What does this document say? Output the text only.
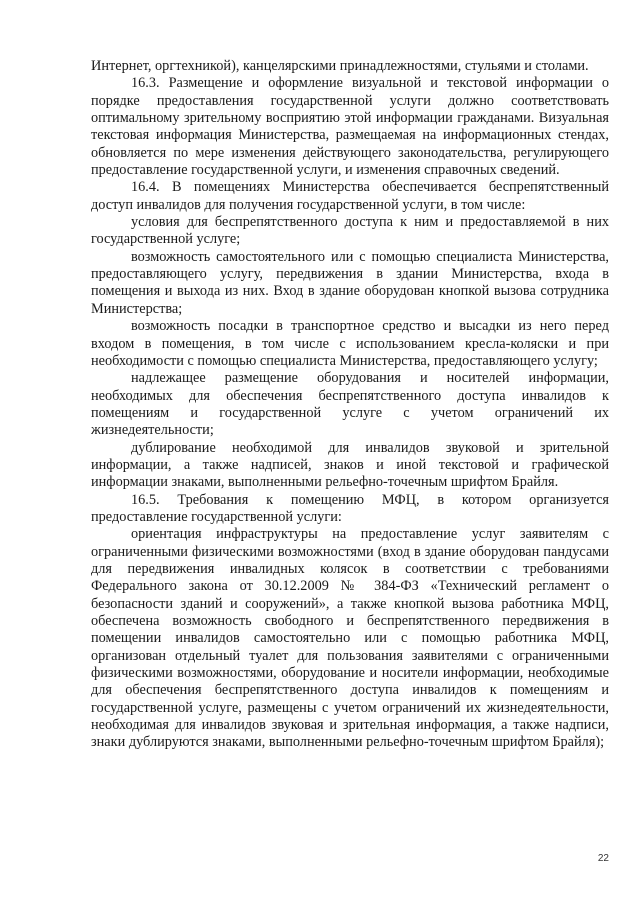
Интернет, оргтехникой), канцелярскими принадлежностями, стульями и столами.

16.3. Размещение и оформление визуальной и текстовой информации о порядке предоставления государственной услуги должно соответствовать оптимальному зрительному восприятию этой информации гражданами. Визуальная текстовая информация Министерства, размещаемая на информационных стендах, обновляется по мере изменения действующего законодательства, регулирующего предоставление государственной услуги, и изменения справочных сведений.

16.4. В помещениях Министерства обеспечивается беспрепятственный доступ инвалидов для получения государственной услуги, в том числе:

условия для беспрепятственного доступа к ним и предоставляемой в них государственной услуге;

возможность самостоятельного или с помощью специалиста Министерства, предоставляющего услугу, передвижения в здании Министерства, входа в помещения и выхода из них. Вход в здание оборудован кнопкой вызова сотрудника Министерства;

возможность посадки в транспортное средство и высадки из него перед входом в помещения, в том числе с использованием кресла-коляски и при необходимости с помощью специалиста Министерства, предоставляющего услугу;

надлежащее размещение оборудования и носителей информации, необходимых для обеспечения беспрепятственного доступа инвалидов к помещениям и государственной услуге с учетом ограничений их жизнедеятельности;

дублирование необходимой для инвалидов звуковой и зрительной информации, а также надписей, знаков и иной текстовой и графической информации знаками, выполненными рельефно-точечным шрифтом Брайля.

16.5. Требования к помещению МФЦ, в котором организуется предоставление государственной услуги:

ориентация инфраструктуры на предоставление услуг заявителям с ограниченными физическими возможностями (вход в здание оборудован пандусами для передвижения инвалидных колясок в соответствии с требованиями Федерального закона от 30.12.2009 № 384-ФЗ «Технический регламент о безопасности зданий и сооружений», а также кнопкой вызова работника МФЦ, обеспечена возможность свободного и беспрепятственного передвижения в помещении инвалидов самостоятельно или с помощью работника МФЦ, организован отдельный туалет для пользования заявителями с ограниченными физическими возможностями, оборудование и носители информации, необходимые для обеспечения беспрепятственного доступа инвалидов к помещениям и государственной услуге, размещены с учетом ограничений их жизнедеятельности, необходимая для инвалидов звуковая и зрительная информация, а также надписи, знаки дублируются знаками, выполненными рельефно-точечным шрифтом Брайля);

22
